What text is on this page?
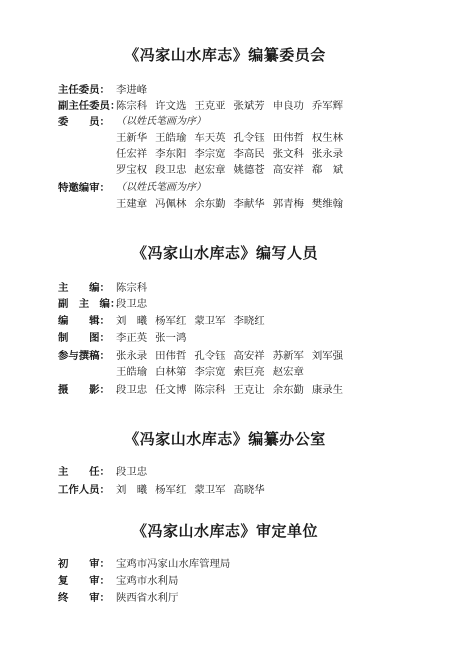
《冯家山水库志》编纂委员会
主任委员： 李进峰
副主任委员：
陈宗科 许文选 王克亚 张斌芳 申良功 乔军辉
委　　员： （以姓氏笔画为序）
王新华 王皓瑜 车天英 孔令钰 田伟哲 权生林
任宏祥 李东阳 李宗宽 李高民 张文科 张永录
罗宝权 段卫忠 赵宏章 姚德苍 高安祥 郗　斌
特邀编审： （以姓氏笔画为序）
王建章 冯佩林 余东勤 李献华 郭青梅 樊维翰
《冯家山水库志》编写人员
主　　编： 陈宗科
副　主　编：
段卫忠
编　　辑： 刘　曦 杨军红 蒙卫军 李晓红
制　　图： 李正英 张一鸿
参与撰稿： 张永录 田伟哲 孔令钰 高安祥 苏新军 刘军强
王皓瑜 白林第 李宗宽 索巨亮 赵宏章
摄　　影： 段卫忠 任文博 陈宗科 王克让 余东勤 康录生
《冯家山水库志》编纂办公室
主　　任： 段卫忠
工作人员： 刘　曦 杨军红 蒙卫军 高晓华
《冯家山水库志》审定单位
初　　审： 宝鸡市冯家山水库管理局
复　　审： 宝鸡市水利局
终　　审： 陕西省水利厅
